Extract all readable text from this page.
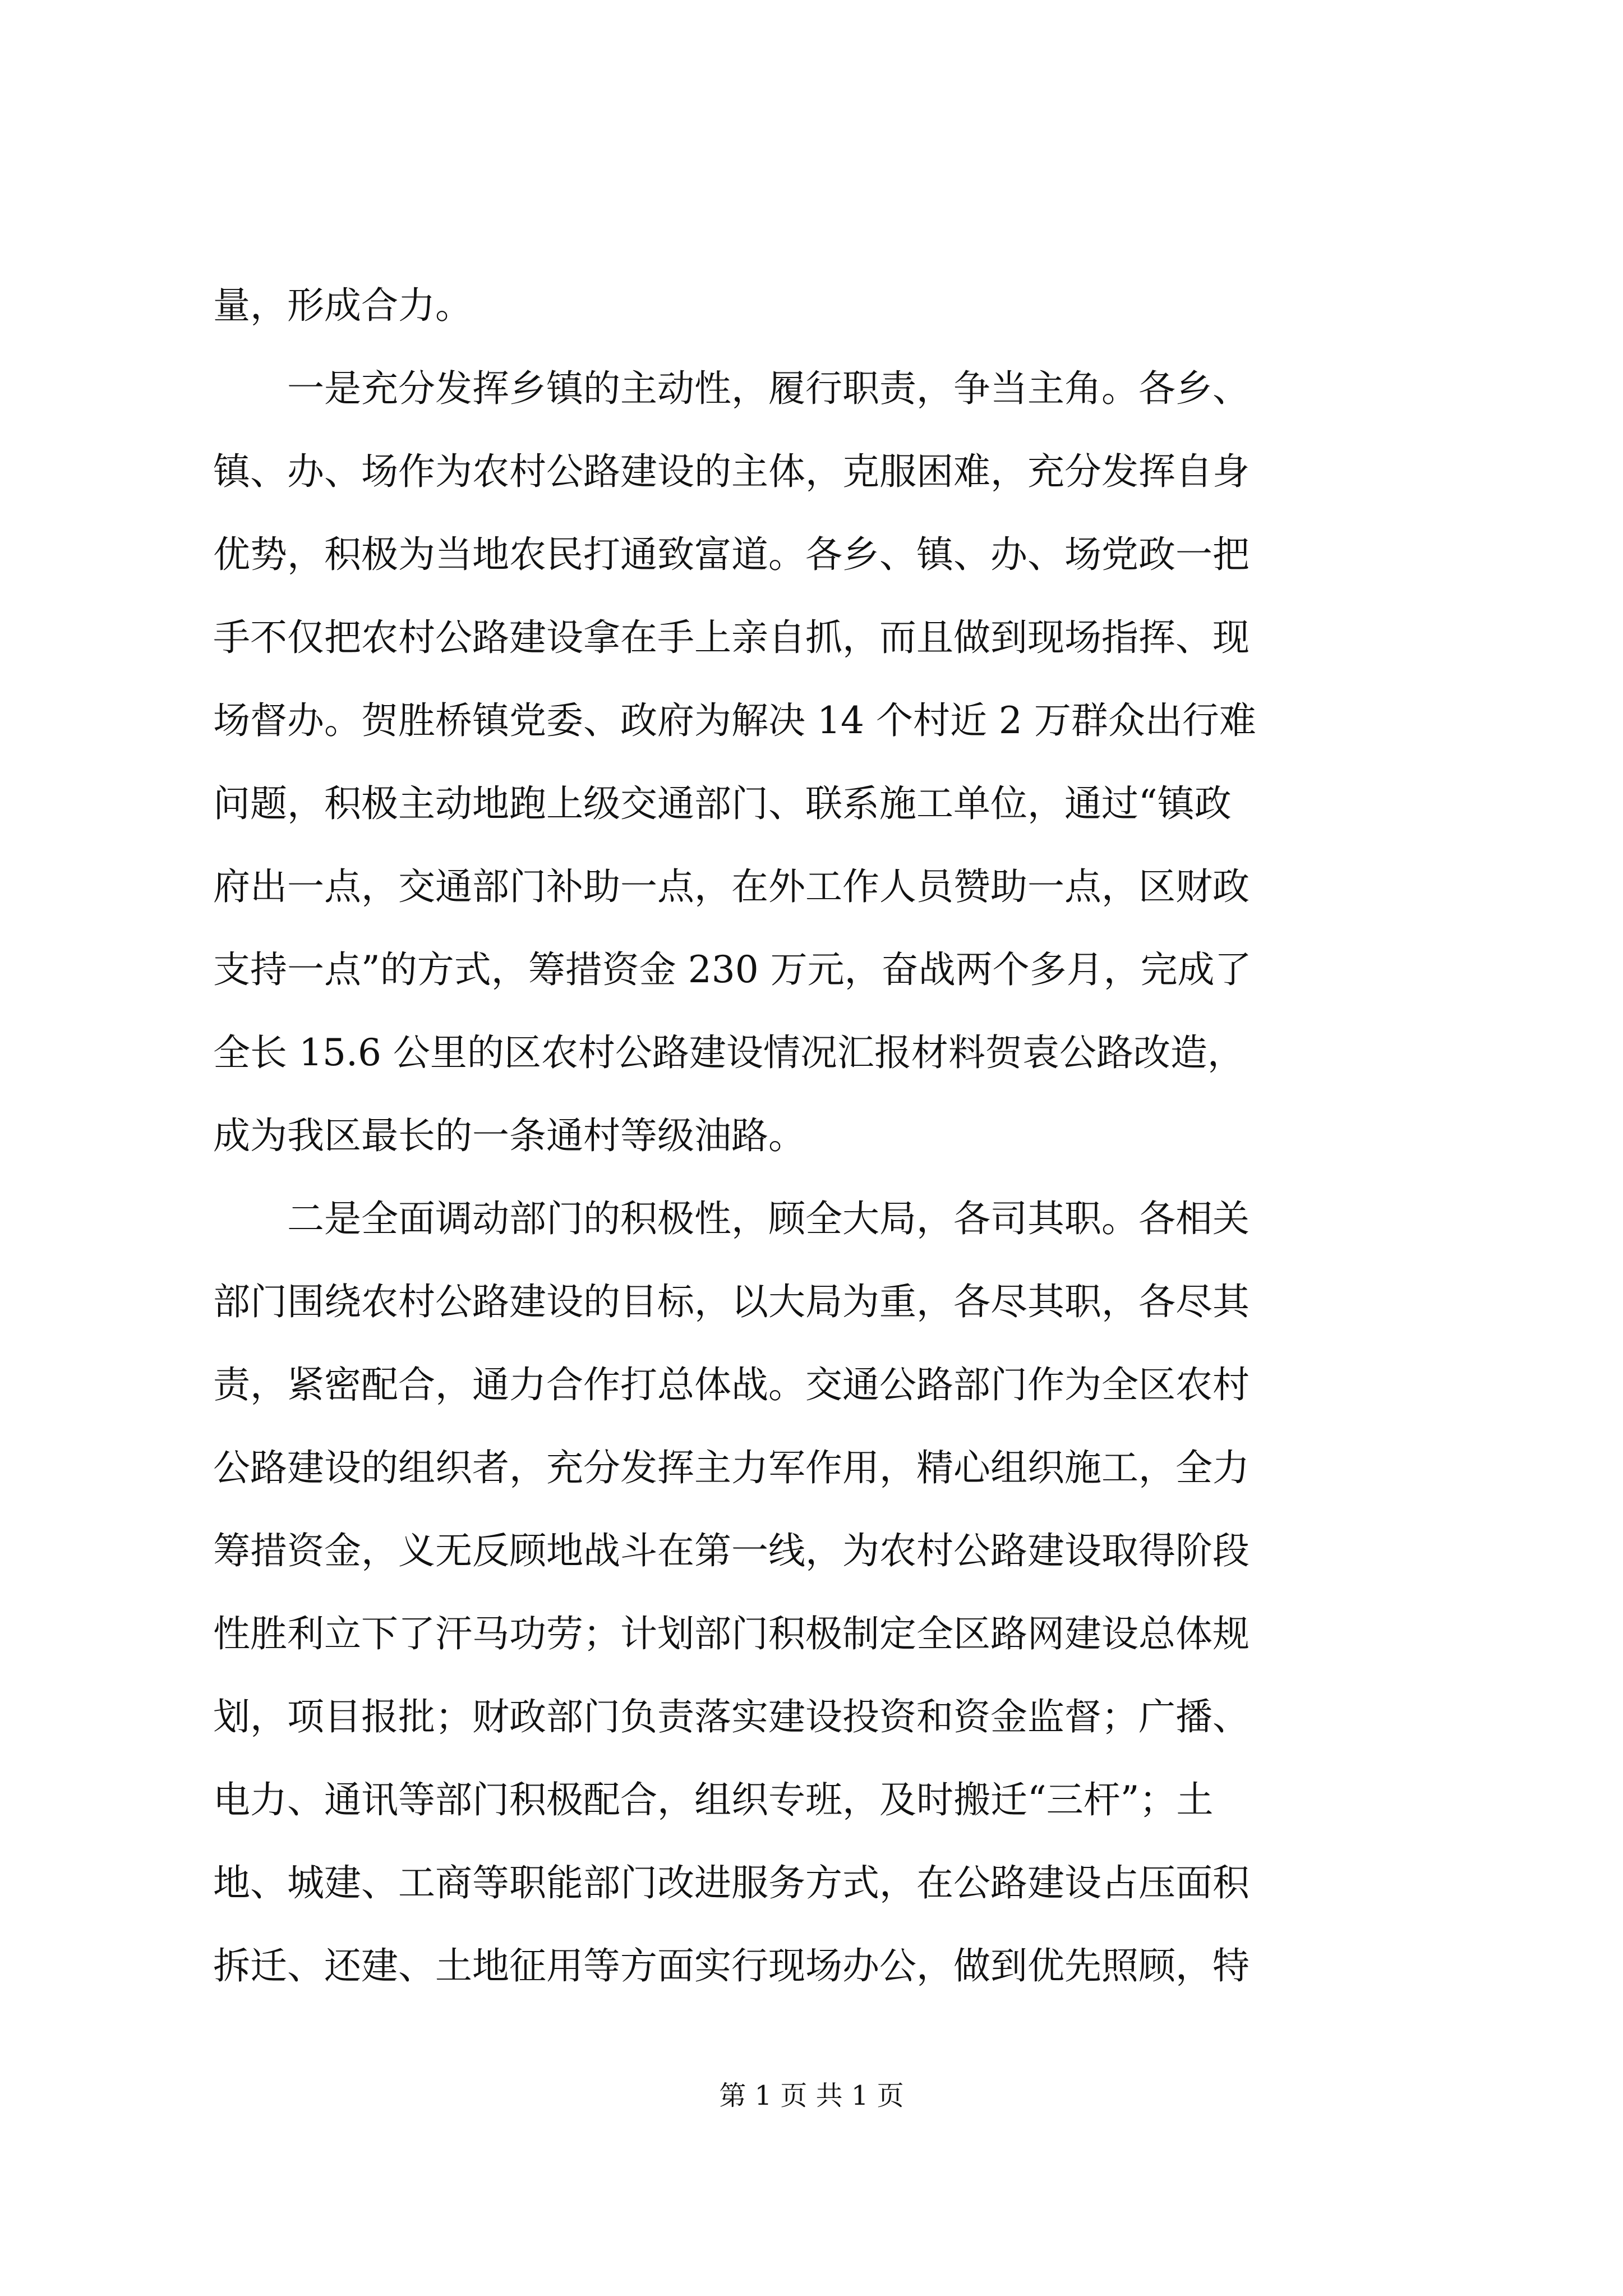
量，形成合力。
　　一是充分发挥乡镇的主动性，履行职责，争当主角。各乡、
镇、办、场作为农村公路建设的主体，克服困难，充分发挥自身
优势，积极为当地农民打通致富道。各乡、镇、办、场党政一把
手不仅把农村公路建设拿在手上亲自抓，而且做到现场指挥、现
场督办。贺胜桥镇党委、政府为解决 14 个村近 2 万群众出行难
问题，积极主动地跑上级交通部门、联系施工单位，通过“镇政
府出一点，交通部门补助一点，在外工作人员赞助一点，区财政
支持一点”的方式，筹措资金 230 万元，奋战两个多月，完成了
全长 15.6 公里的区农村公路建设情况汇报材料贺袁公路改造，
成为我区最长的一条通村等级油路。
　　二是全面调动部门的积极性，顾全大局，各司其职。各相关
部门围绕农村公路建设的目标，以大局为重，各尽其职，各尽其
责，紧密配合，通力合作打总体战。交通公路部门作为全区农村
公路建设的组织者，充分发挥主力军作用，精心组织施工，全力
筹措资金，义无反顾地战斗在第一线，为农村公路建设取得阶段
性胜利立下了汗马功劳；计划部门积极制定全区路网建设总体规
划，项目报批；财政部门负责落实建设投资和资金监督；广播、
电力、通讯等部门积极配合，组织专班，及时搬迁“三杆”；土
地、城建、工商等职能部门改进服务方式，在公路建设占压面积
拆迁、还建、土地征用等方面实行现场办公，做到优先照顾，特
第 1 页 共 1 页
